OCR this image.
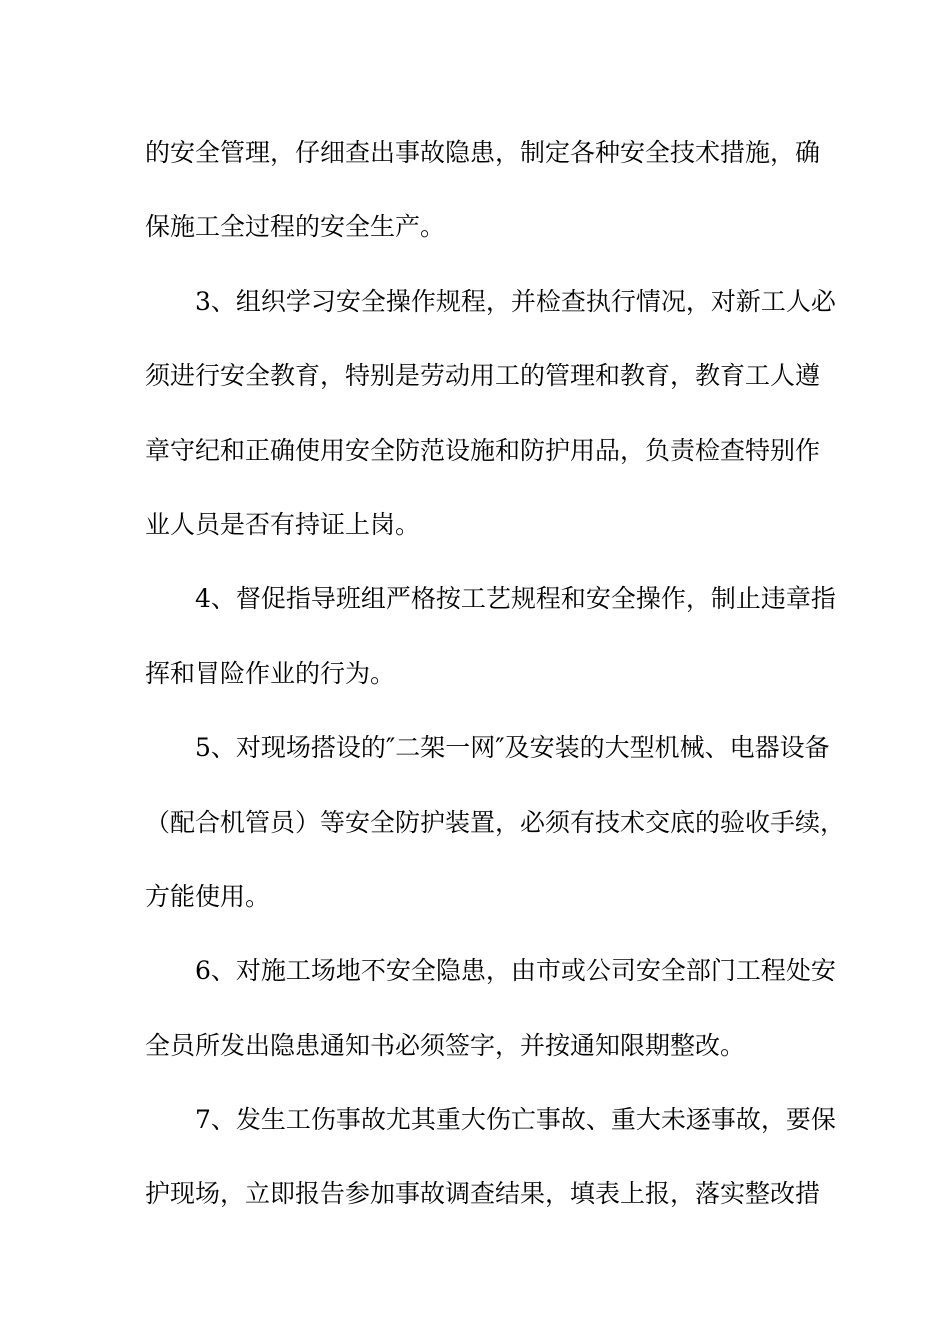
的安全管理，仔细查出事故隐患，制定各种安全技术措施，确
保施工全过程的安全生产。
3、组织学习安全操作规程，并检查执行情况，对新工人必
须进行安全教育，特别是劳动用工的管理和教育，教育工人遵
章守纪和正确使用安全防范设施和防护用品，负责检查特别作
业人员是否有持证上岗。
4、督促指导班组严格按工艺规程和安全操作，制止违章指
挥和冒险作业的行为。
5、对现场搭设的″二架一网″及安装的大型机械、电器设备
（配合机管员）等安全防护装置，必须有技术交底的验收手续，
方能使用。
6、对施工场地不安全隐患，由市或公司安全部门工程处安
全员所发出隐患通知书必须签字，并按通知限期整改。
7、发生工伤事故尤其重大伤亡事故、重大未逐事故，要保
护现场，立即报告参加事故调查结果，填表上报，落实整改措
